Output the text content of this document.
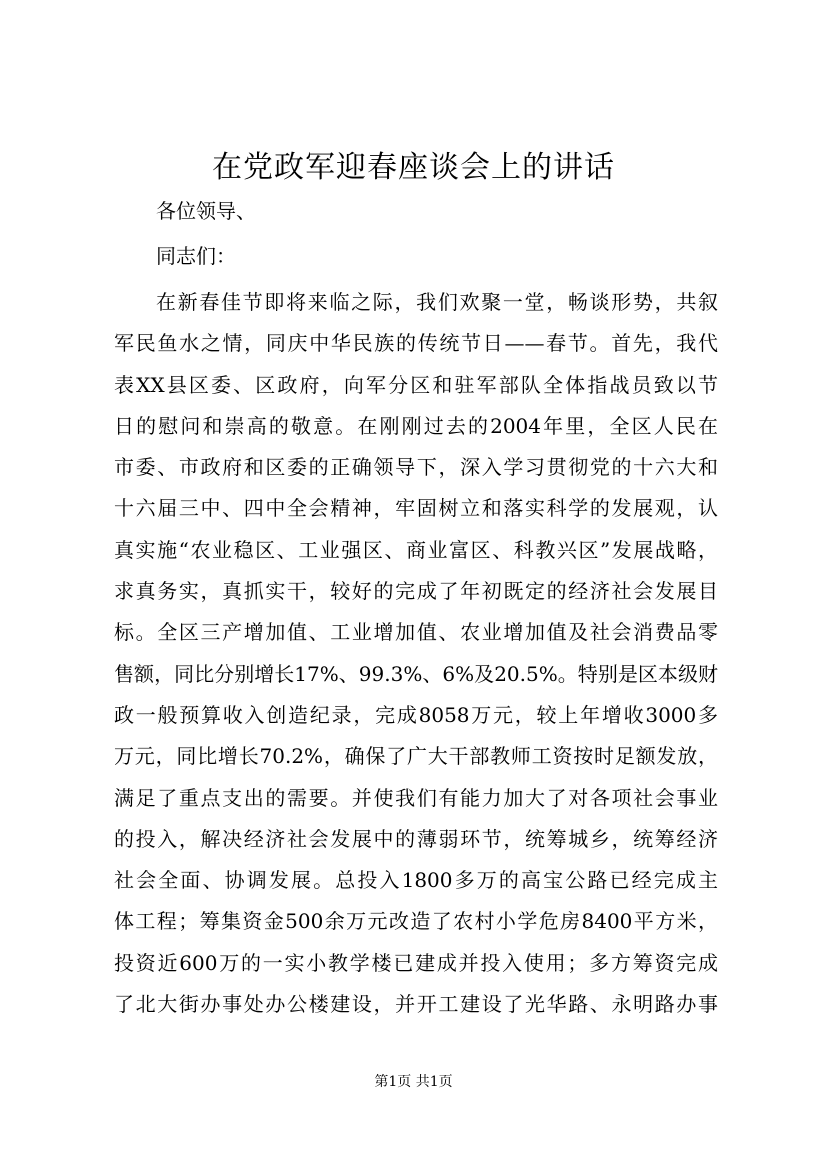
在党政军迎春座谈会上的讲话
各位领导、
同志们：
在新春佳节即将来临之际，我们欢聚一堂，畅谈形势，共叙
军民鱼水之情，同庆中华民族的传统节日——春节。首先，我代
表XX县区委、区政府，向军分区和驻军部队全体指战员致以节
日的慰问和崇高的敬意。在刚刚过去的2004年里，全区人民在
市委、市政府和区委的正确领导下，深入学习贯彻党的十六大和
十六届三中、四中全会精神，牢固树立和落实科学的发展观，认
真实施“农业稳区、工业强区、商业富区、科教兴区”发展战略，
求真务实，真抓实干，较好的完成了年初既定的经济社会发展目
标。全区三产增加值、工业增加值、农业增加值及社会消费品零
售额，同比分别增长17%、99.3%、6%及20.5%。特别是区本级财
政一般预算收入创造纪录，完成8058万元，较上年增收3000多
万元，同比增长70.2%，确保了广大干部教师工资按时足额发放，
满足了重点支出的需要。并使我们有能力加大了对各项社会事业
的投入，解决经济社会发展中的薄弱环节，统筹城乡，统筹经济
社会全面、协调发展。总投入1800多万的高宝公路已经完成主
体工程；筹集资金500余万元改造了农村小学危房8400平方米，
投资近600万的一实小教学楼已建成并投入使用；多方筹资完成
了北大街办事处办公楼建设，并开工建设了光华路、永明路办事
第1页 共1页
